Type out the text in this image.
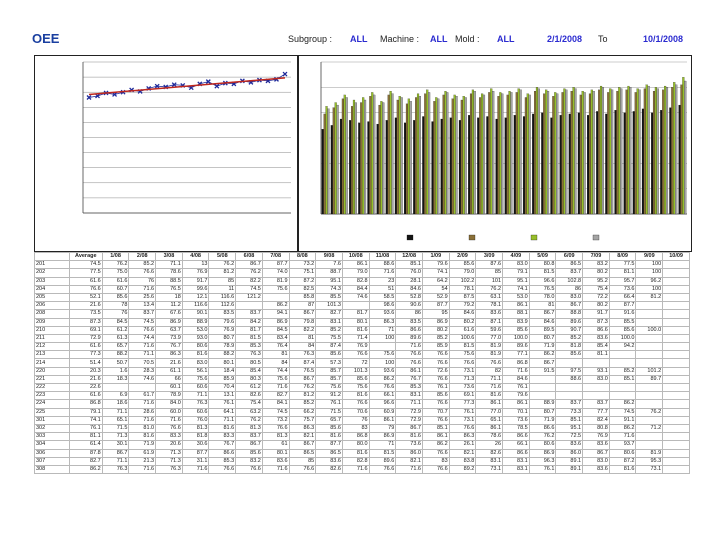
OEE	Subgroup : ALL Machine : ALL Mold : ALL	2/1/2008 To	10/1/2008
	Average	1/08	2/08	3/08	4/08	5/08	6/08	7/08	8/08	9/08	10/08	11/08	12/08	1/09	2/09	3/09	4/09	5/09	6/09	7/09	8/09	9/09	10/09
201	74.5	76.2	85.2	71.1	13	76.2	86.7	87.7	73.2	7.6	86.1	88.6	85.1	79.6	85.6	87.6	83.0	80.8	86.5	83.2	77.5	100	
202	77.5	75.0	76.6	78.6	76.9	81.2	76.2	74.0	75.1	88.7	79.0	71.6	76.0	74.1	79.0	85	79.1	81.5	83.7	80.2	81.1	100	
203	61.6	61.6	76	88.5	91.7	85	82.2	81.9	87.2	95.1	82.8	23	28.1	64.2	102.2	101	95.1	96.6	102.8	95.2	95.7	96.2	
204	76.6	60.7	71.6	76.5	99.6	11	74.5	75.6	82.5	74.3	84.4	51	84.6	54	78.1	76.2	74.1	76.5	86	75.4	73.6	100	
205	52.1	85.6	25.6	18	12.1	116.6	121.2		85.8	85.5	74.6	58.5	52.8	52.9	87.5	63.1	53.0	78.0	83.0	72.2	66.4	81.2	
206	21.6	78	13.4	11.2	116.6	112.6		86.2	87	101.3		98.6	90.6	87.7	79.2	78.1	86.1	81	86.7	80.2	87.7		
208	73.5	76	83.7	67.6	90.1	83.5	83.7	94.1	86.7	82.7	81.7	93.6	86	95	84.6	83.6	88.1	86.7	88.8	91.7	91.6		
209	87.3	84.5	74.5	86.9	88.9	79.6	84.2	86.9	79.8	83.1	80.1	86.3	83.5	86.9	80.2	87.1	83.9	84.6	89.6	87.3	85.5		
210	69.1	61.2	76.6	63.7	53.0	76.9	81.7	84.5	82.2	85.2	81.6	71	86.6	80.2	61.6	59.6	85.6	89.5	90.7	86.6	85.6	100.0	
211	72.9	61.3	74.4	73.9	93.0	80.7	81.5	83.4	81	75.5	71.4	100	89.6	85.2	100.6	77.0	100.0	80.7	85.2	83.6	100.0		
212	61.6	65.7	71.6	76.7	80.6	78.9	85.3	76.4	84	87.4	76.9		71.6	85.9	81.5	81.9	89.6	71.9	81.8	85.4	94.2		
213	77.3	88.2	71.1	86.3	81.6	88.2	76.3	81	76.3	85.6	76.6	75.6	76.6	76.6	75.6	81.9	77.1	86.2	85.6	81.1			
214	51.4	50.7	70.5	21.6	83.0	80.1	80.5	84	87.4	57.3	72	100	76.6	76.6	76.6	76.6	86.8	86.7					
220	20.3	1.6	28.3	61.1	56.1	18.4	85.4	74.4	76.5	85.7	101.3	93.6	86.1	72.6	73.1	82	71.6	91.5	97.5	93.1	85.2	101.2	
221	21.6	18.3	74.6	66	75.6	85.9	80.3	75.6	86.7	85.7	85.6	86.2	76.7	76.6	71.3	71.1	84.6		88.6	83.0	85.1	89.7	
222	22.6			60.1	60.6	70.4	61.2	71.6	76.2	75.6	75.6	76.6	85.3	76.1	73.6	71.6	76.1						
223	61.6	6.9	61.7	78.9	71.1	13.1	82.6	82.7	81.2	91.2	81.6	66.1	83.1	85.6	69.1	81.6	79.6						
224	86.8	18.6	71.6	84.0	76.3	76.1	75.4	84.1	85.2	76.1	76.6	96.6	71.1	76.6	77.3	86.1	86.1	88.9	83.7	83.7	86.2		
225	79.1	71.1	28.6	60.0	60.6	64.1	63.2	74.5	66.2	71.5	70.6	60.9	72.9	70.7	76.1	77.0	70.1	80.7	73.3	77.7	74.5	76.2	
301	74.1	65.1	71.6	71.6	76.0	71.1	76.2	73.2	75.7	65.7	76	86.1	72.9	76.6	73.1	65.1	73.6	71.9	85.1	82.4	91.1		
302	76.1	71.5	81.0	76.6	81.3	81.6	81.3	76.6	86.3	85.6	83	79	86.7	85.1	76.6	86.1	78.5	86.6	95.1	80.8	86.2	71.2	
303	81.1	71.3	81.6	83.3	81.8	83.3	83.7	81.3	82.1	81.6	86.8	86.9	81.6	86.1	86.3	78.6	86.6	76.2	72.5	76.9	71.6		
304	61.4	30.1	71.9	20.6	30.6	76.7	86.7	61	86.7	87.7	80.0	71	73.6	86.2	26.1	26	66.1	80.6	83.6	83.6	93.7		
306	87.8	86.7	61.9	71.3	87.7	86.6	85.6	80.1	86.5	86.5	81.6	81.5	86.0	76.6	82.1	82.6	86.6	86.9	86.0	86.7	80.6	81.9	
307	82.7	71.1	21.3	71.3	31.1	85.3	83.2	83.6	85	83.6	82.8	89.6	82.1	83	83.8	83.1	83.1	96.3	89.1	83.0	87.2	95.3	
308	86.2	76.3	71.6	76.3	71.6	76.6	76.6	71.6	76.6	82.6	71.6	76.6	71.6	76.6	89.2	73.1	83.1	76.1	89.1	83.6	81.6	73.1	
